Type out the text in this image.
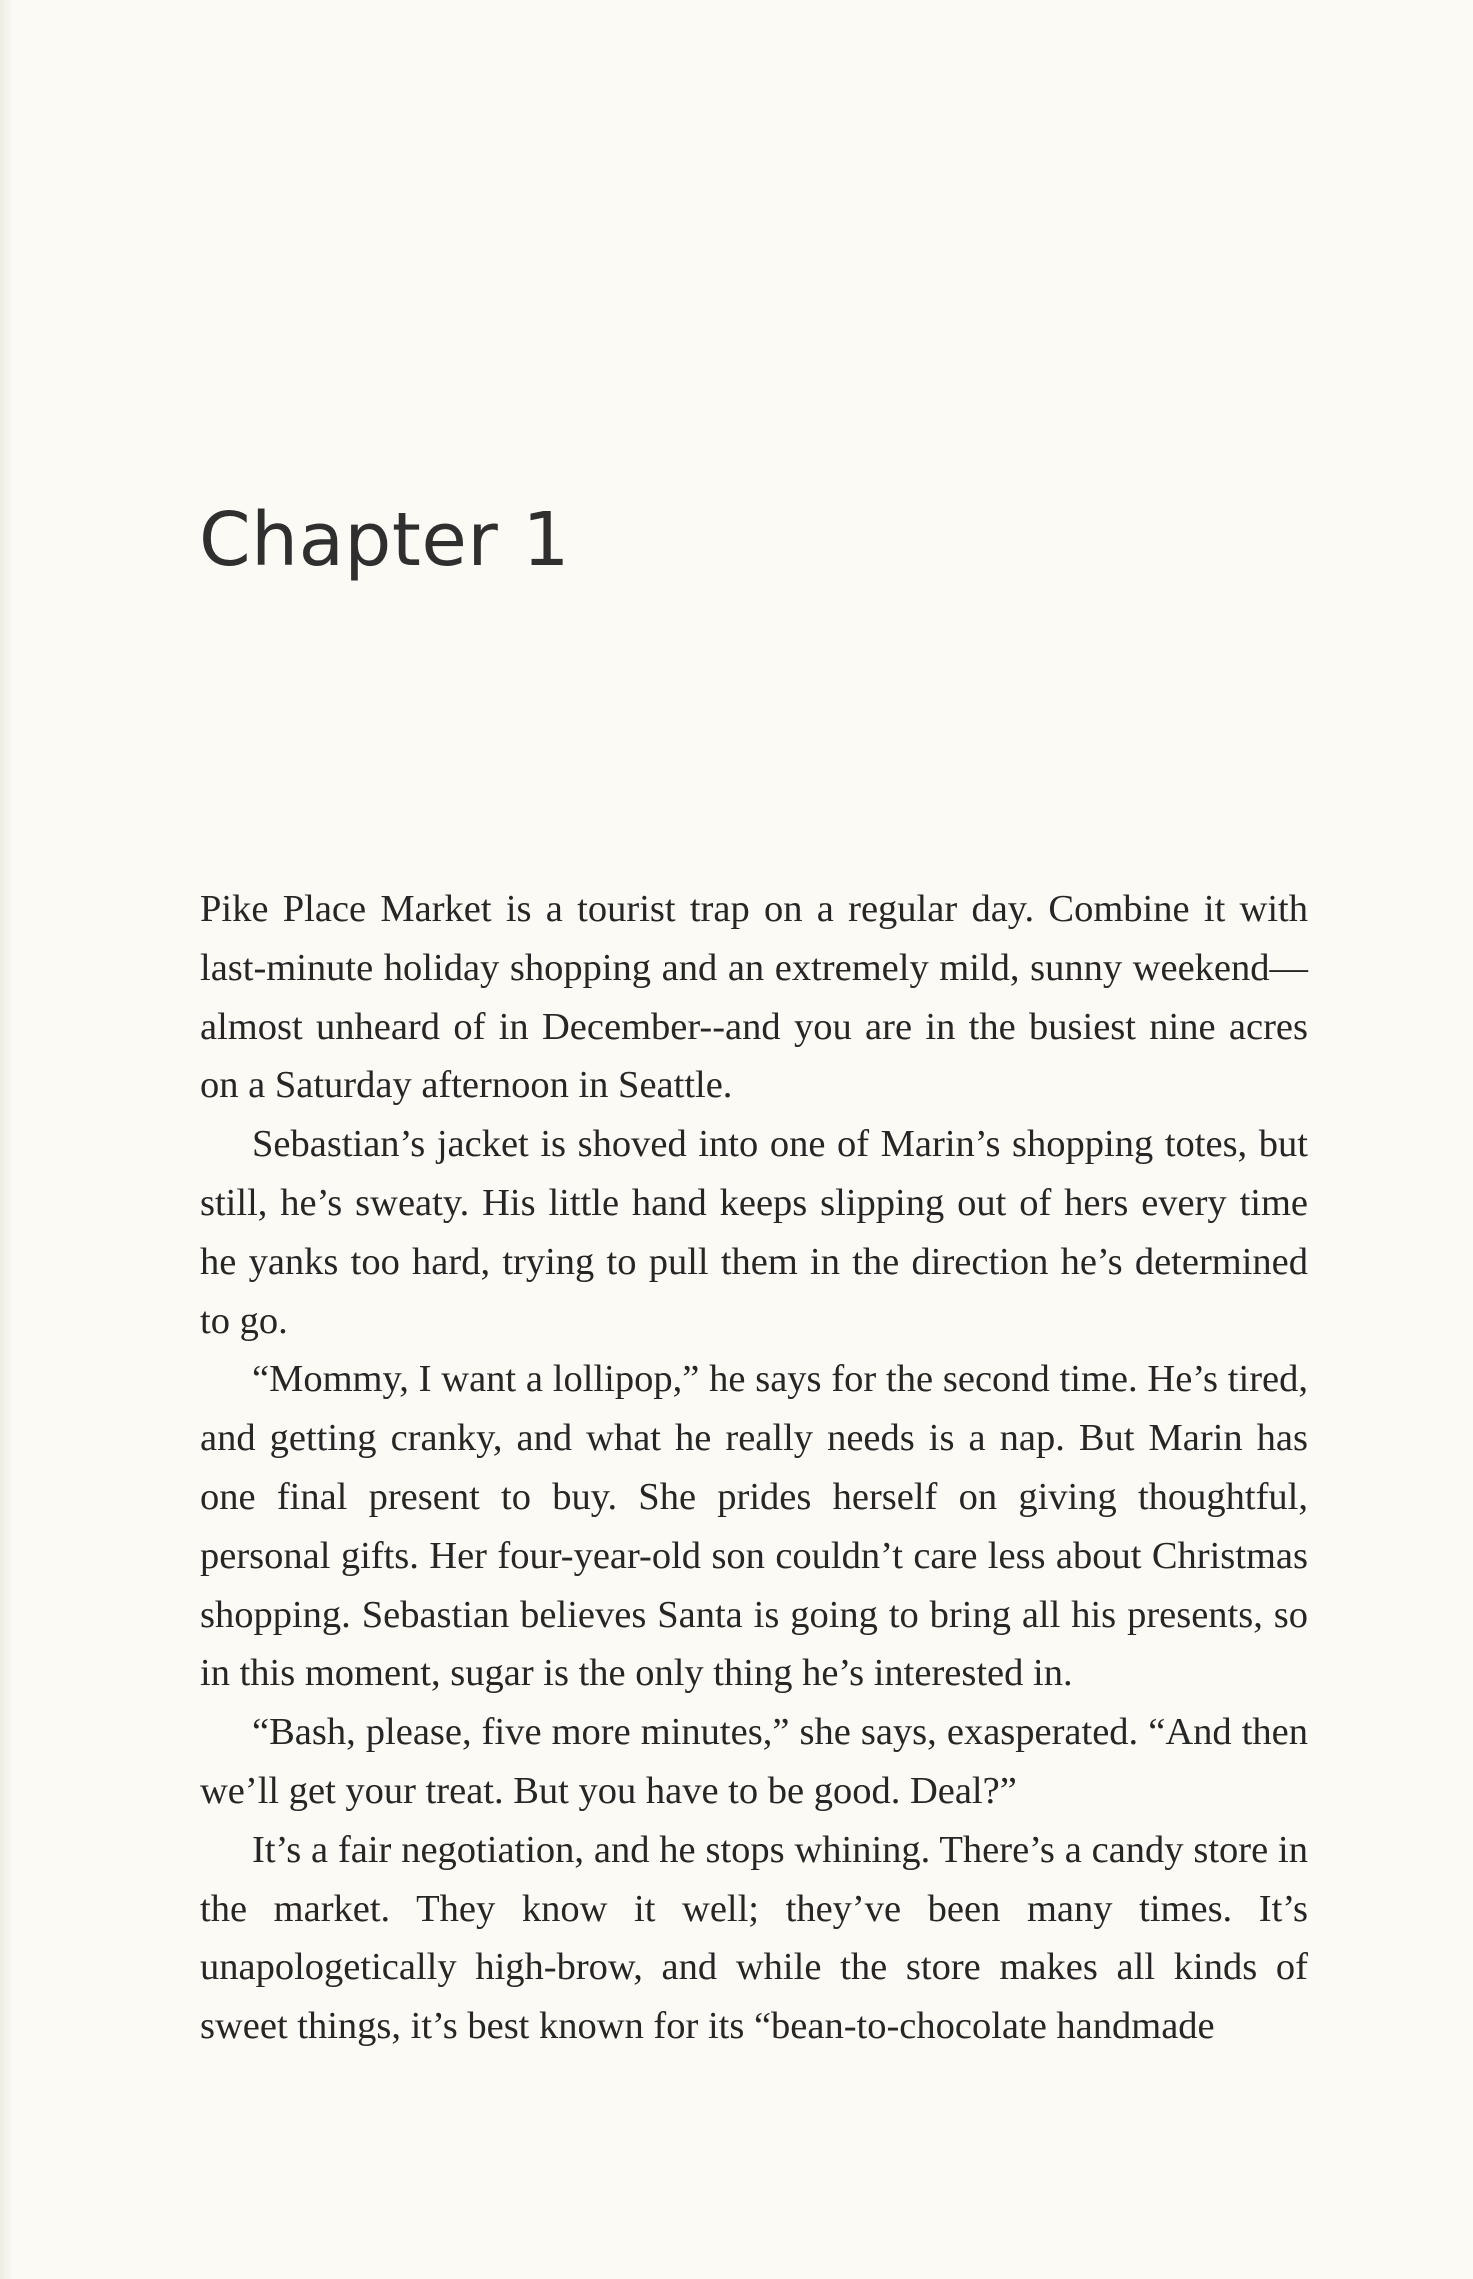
Chapter 1

Pike Place Market is a tourist trap on a regular day. Combine it with last-minute holiday shopping and an extremely mild, sunny weekend—almost unheard of in December--and you are in the busiest nine acres on a Saturday afternoon in Seattle.

Sebastian’s jacket is shoved into one of Marin’s shopping totes, but still, he’s sweaty. His little hand keeps slipping out of hers every time he yanks too hard, trying to pull them in the direction he’s determined to go.

“Mommy, I want a lollipop,” he says for the second time. He’s tired, and getting cranky, and what he really needs is a nap. But Marin has one final present to buy. She prides herself on giving thoughtful, personal gifts. Her four-year-old son couldn’t care less about Christmas shopping. Sebastian believes Santa is going to bring all his presents, so in this moment, sugar is the only thing he’s interested in.

“Bash, please, five more minutes,” she says, exasperated. “And then we’ll get your treat. But you have to be good. Deal?”

It’s a fair negotiation, and he stops whining. There’s a candy store in the market. They know it well; they’ve been many times. It’s unapologetically high-brow, and while the store makes all kinds of sweet things, it’s best known for its “bean-to-chocolate handmade
